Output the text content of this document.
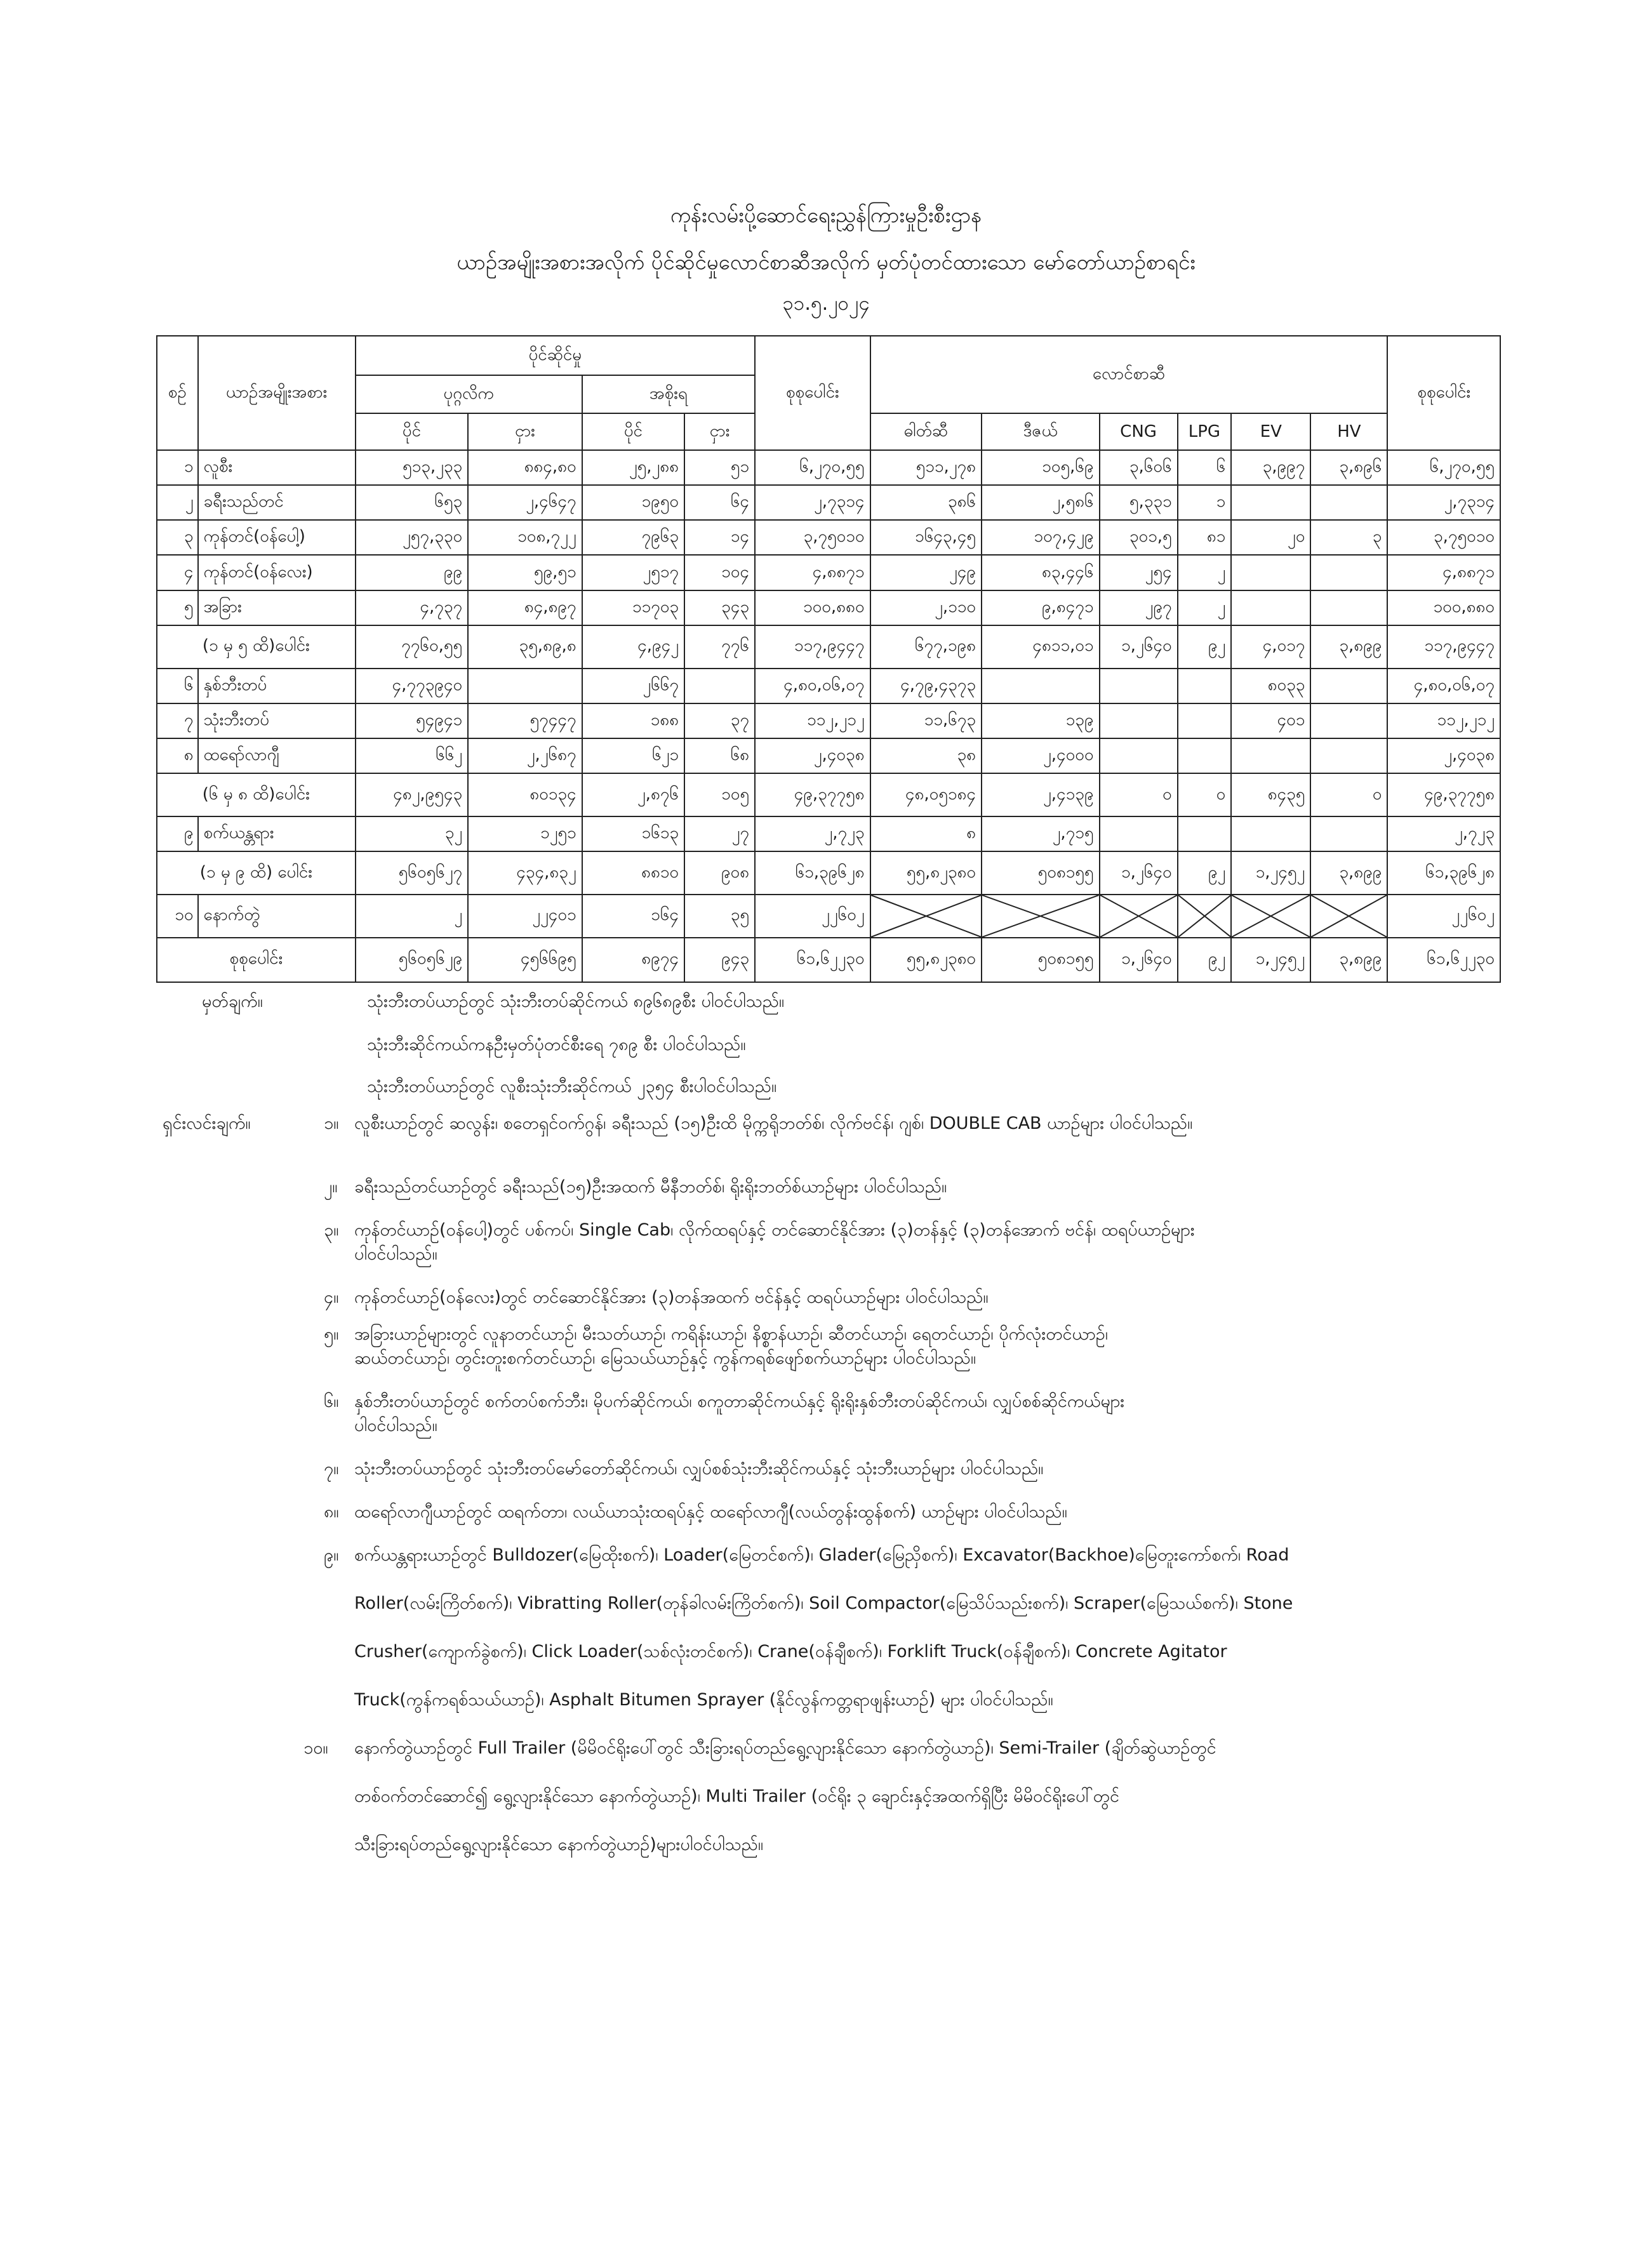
ကုန်းလမ်းပို့ဆောင်ရေးညွှန်ကြားမှုဦးစီးဌာန
ယာဉ်အမျိုးအစားအလိုက် ပိုင်ဆိုင်မှုလောင်စာဆီအလိုက် မှတ်ပုံတင်ထားသော မော်တော်ယာဉ်စာရင်း
၃၁.၅.၂၀၂၄
စဉ်	ယာဉ်အမျိုးအစား	ပိုင်ဆိုင်မှု				စုစုပေါင်း	လောင်စာဆီ						စုစုပေါင်း
		ပုဂ္ဂလိက		အစိုးရ									
		ပိုင်	ငှား	ပိုင်	ငှား		ဓါတ်ဆီ	ဒီဇယ်	CNG	LPG	EV	HV	
၁	လူစီး	၅၁၃,၂၃၃	၈၈၄,၈၀	၂၅,၂၈၈	၅၁	၆,၂၇၀,၅၅	၅၁၁,၂၇၈	၁၀၅,၆၉	၃,၆၀၆	၆	၃,၉၉၇	၃,၈၉၆	၆,၂၇၀,၅၅
၂	ခရီးသည်တင်	၆၅၃	၂,၄၆၄၇	၁၉၅၀	၆၄	၂,၇၃၁၄	၃၈၆	၂,၅၈၆	၅,၃၃၁	၁			၂,၇၃၁၄
၃	ကုန်တင်(ဝန်ပေါ့)	၂၅၇,၃၃၀	၁၀၈,၇၂၂	၇၉၆၃	၁၄	၃,၇၅၀၁၀	၁၆၄၃,၄၅	၁၀၇,၄၂၉	၃၀၁,၅	၈၁	၂၀	၃	၃,၇၅၀၁၀
၄	ကုန်တင်(ဝန်လေး)	၉၉	၅၉,၅၁	၂၅၁၇	၁၀၄	၄,၈၈၇၁	၂၄၉	၈၃,၄၄၆	၂၅၄	၂			၄,၈၈၇၁
၅	အခြား	၄,၇၃၇	၈၄,၈၉၇	၁၁၇၀၃	၃၄၃	၁၀၀,၈၈၀	၂,၁၁၀	၉,၈၄၇၁	၂၉၇	၂			၁၀၀,၈၈၀
(၁ မှ ၅ ထိ)ပေါင်း		၇၇၆၀,၅၅	၃၅,၈၉,၈	၄,၉၄၂	၇၇၆	၁၁၇,၉၄၄၇	၆၇၇,၁၉၈	၄၈၁၁,၀၁	၁,၂၆၄၀	၉၂	၄,၀၁၇	၃,၈၉၉	၁၁၇,၉၄၄၇
၆	နှစ်ဘီးတပ်	၄,၇၇၃၉၄၀		၂၆၆၇		၄,၈၀,၀၆,၀၇	၄,၇၉,၄၃၇၃				၈၀၃၃		၄,၈၀,၀၆,၀၇
၇	သုံးဘီးတပ်	၅၄၉၄၁	၅၇၄၄၇	၁၈၈	၃၇	၁၁၂,၂၁၂	၁၁,၆၇၃	၁၃၉			၄၀၁		၁၁၂,၂၁၂
၈	ထရော်လာဂျီ	၆၆၂	၂,၂၆၈၇	၆၂၁	၆၈	၂,၄၀၃၈	၃၈	၂,၄၀၀၀					၂,၄၀၃၈
(၆ မှ ၈ ထိ)ပေါင်း		၄၈၂,၉၅၄၃	၈၀၁၃၄	၂,၈၇၆	၁၀၅	၄၉,၃၇၇၅၈	၄၈,၀၅၁၈၄	၂,၄၁၃၉	၀	၀	၈၄၃၅	၀	၄၉,၃၇၇၅၈
၉	စက်ယန္တရား	၃၂	၁၂၅၁	၁၆၁၃	၂၇	၂,၇၂၃	၈	၂,၇၁၅					၂,၇၂၃
(၁ မှ ၉ ထိ) ပေါင်း		၅၆၀၅၆၂၇	၄၃၄,၈၃၂	၈၈၁၀	၉၀၈	၆၁,၃၉၆၂၈	၅၅,၈၂၃၈၀	၅၀၈၁၅၅	၁,၂၆၄၀	၉၂	၁,၂၄၅၂	၃,၈၉၉	၆၁,၃၉၆၂၈
၁၀	နောက်တွဲ	၂	၂၂၄၀၁	၁၆၄	၃၅	၂၂၆၀၂							၂၂၆၀၂
စုစုပေါင်း		၅၆၀၅၆၂၉	၄၅၆၆၉၅	၈၉၇၄	၉၄၃	၆၁,၆၂၂၃၀	၅၅,၈၂၃၈၀	၅၀၈၁၅၅	၁,၂၆၄၀	၉၂	၁,၂၄၅၂	၃,၈၉၉	၆၁,၆၂၂၃၀
မှတ်ချက်။	သုံးဘီးတပ်ယာဉ်တွင် သုံးဘီးတပ်ဆိုင်ကယ် ၈၉၆၈၉စီး ပါဝင်ပါသည်။
သုံးဘီးဆိုင်ကယ်ကနဦးမှတ်ပုံတင်စီးရေ ၇၈၉ စီး ပါဝင်ပါသည်။
သုံးဘီးတပ်ယာဉ်တွင် လူစီးသုံးဘီးဆိုင်ကယ် ၂၃၅၄ စီးပါဝင်ပါသည်။
ရှင်းလင်းချက်။	၁။ လူစီးယာဉ်တွင် ဆလွန်း၊ စတေရှင်ဝက်ဂွန်၊ ခရီးသည် (၁၅)ဦးထိ မိုက္ကရိုဘတ်စ်၊ လိုက်ဗင်န်၊ ဂျစ်၊ DOUBLE CAB ယာဉ်များ ပါဝင်ပါသည်။
၂။ ခရီးသည်တင်ယာဉ်တွင် ခရီးသည်(၁၅)ဦးအထက် မီနီဘတ်စ်၊ ရိုးရိုးဘတ်စ်ယာဉ်များ ပါဝင်ပါသည်။
၃။ ကုန်တင်ယာဉ်(ဝန်ပေါ့)တွင် ပစ်ကပ်၊ Single Cab၊ လိုက်ထရပ်နှင့် တင်ဆောင်နိုင်အား (၃)တန်နှင့် (၃)တန်အောက် ဗင်န်၊ ထရပ်ယာဉ်များ
ပါဝင်ပါသည်။
၄။ ကုန်တင်ယာဉ်(ဝန်လေး)တွင် တင်ဆောင်နိုင်အား (၃)တန်အထက် ဗင်န်နှင့် ထရပ်ယာဉ်များ ပါဝင်ပါသည်။
၅။ အခြားယာဉ်များတွင် လူနာတင်ယာဉ်၊ မီးသတ်ယာဉ်၊ ကရိန်းယာဉ်၊ နိစ္စာန်ယာဉ်၊ ဆီတင်ယာဉ်၊ ရေတင်ယာဉ်၊ ပိုက်လုံးတင်ယာဉ်၊
ဆယ်တင်ယာဉ်၊ တွင်းတူးစက်တင်ယာဉ်၊ မြေသယ်ယာဉ်နှင့် ကွန်ကရစ်ဖျော်စက်ယာဉ်များ ပါဝင်ပါသည်။
၆။ နှစ်ဘီးတပ်ယာဉ်တွင် စက်တပ်စက်ဘီး၊ မိုပက်ဆိုင်ကယ်၊ စကူတာဆိုင်ကယ်နှင့် ရိုးရိုးနှစ်ဘီးတပ်ဆိုင်ကယ်၊ လျှပ်စစ်ဆိုင်ကယ်များ
ပါဝင်ပါသည်။
၇။ သုံးဘီးတပ်ယာဉ်တွင် သုံးဘီးတပ်မော်တော်ဆိုင်ကယ်၊ လျှပ်စစ်သုံးဘီးဆိုင်ကယ်နှင့် သုံးဘီးယာဉ်များ ပါဝင်ပါသည်။
၈။ ထရော်လာဂျီယာဉ်တွင် ထရက်တာ၊ လယ်ယာသုံးထရပ်နှင့် ထရော်လာဂျီ(လယ်တွန်းထွန်စက်) ယာဉ်များ ပါဝင်ပါသည်။
၉။ စက်ယန္တရားယာဉ်တွင် Bulldozer(မြေထိုးစက်)၊ Loader(မြေတင်စက်)၊ Glader(မြေညှိစက်)၊ Excavator(Backhoe)မြေတူးကော်စက်၊ Road
Roller(လမ်းကြိတ်စက်)၊ Vibratting Roller(တုန်ခါလမ်းကြိတ်စက်)၊ Soil Compactor(မြေသိပ်သည်းစက်)၊ Scraper(မြေသယ်စက်)၊ Stone
Crusher(ကျောက်ခွဲစက်)၊ Click Loader(သစ်လုံးတင်စက်)၊ Crane(ဝန်ချီစက်)၊ Forklift Truck(ဝန်ချီစက်)၊ Concrete Agitator
Truck(ကွန်ကရစ်သယ်ယာဉ်)၊ Asphalt Bitumen Sprayer (နိုင်လွန်ကတ္တရာဖျန်းယာဉ်) များ ပါဝင်ပါသည်။
၁၀။ နောက်တွဲယာဉ်တွင် Full Trailer (မိမိဝင်ရိုးပေါ်တွင် သီးခြားရပ်တည်ရွေ့လျားနိုင်သော နောက်တွဲယာဉ်)၊ Semi-Trailer (ချိတ်ဆွဲယာဉ်တွင်
တစ်ဝက်တင်ဆောင်၍ ရွေ့လျားနိုင်သော နောက်တွဲယာဉ်)၊ Multi Trailer (ဝင်ရိုး ၃ ချောင်းနှင့်အထက်ရှိပြီး မိမိဝင်ရိုးပေါ်တွင်
သီးခြားရပ်တည်ရွေ့လျားနိုင်သော နောက်တွဲယာဉ်)များပါဝင်ပါသည်။
